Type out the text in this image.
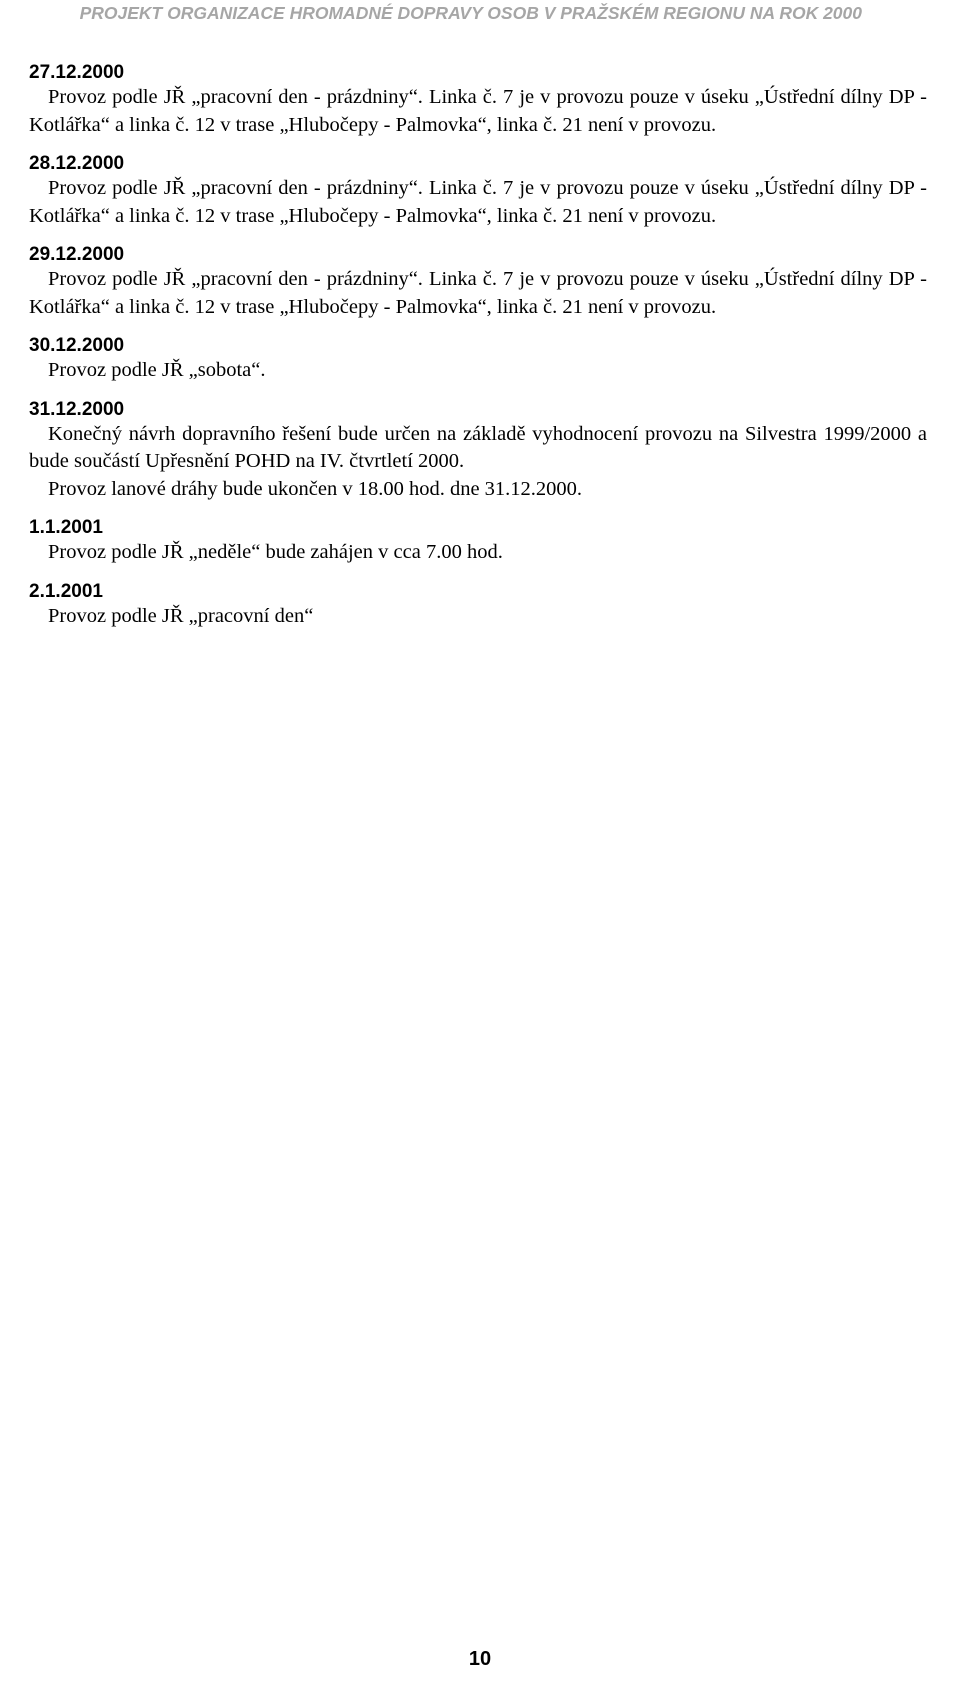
PROJEKT ORGANIZACE HROMADNÉ DOPRAVY OSOB V PRAŽSKÉM REGIONU NA ROK 2000
27.12.2000

Provoz podle JŘ „pracovní den - prázdniny“. Linka č. 7 je v provozu pouze v úseku „Ústřední dílny DP - Kotlářka“ a linka č. 12 v trase „Hlubočepy - Palmovka“, linka č. 21 není v provozu.

28.12.2000

Provoz podle JŘ „pracovní den - prázdniny“. Linka č. 7 je v provozu pouze v úseku „Ústřední dílny DP - Kotlářka“ a linka č. 12 v trase „Hlubočepy - Palmovka“, linka č. 21 není v provozu.

29.12.2000

Provoz podle JŘ „pracovní den - prázdniny“. Linka č. 7 je v provozu pouze v úseku „Ústřední dílny DP - Kotlářka“ a linka č. 12 v trase „Hlubočepy - Palmovka“, linka č. 21 není v provozu.

30.12.2000

Provoz podle JŘ „sobota“.

31.12.2000

Konečný návrh dopravního řešení bude určen na základě vyhodnocení provozu na Silvestra 1999/2000 a bude součástí Upřesnění POHD na IV. čtvrtletí 2000.

Provoz lanové dráhy bude ukončen v 18.00 hod. dne 31.12.2000.

1.1.2001

Provoz podle JŘ „neděle“ bude zahájen v cca 7.00 hod.

2.1.2001

Provoz podle JŘ „pracovní den“

10
